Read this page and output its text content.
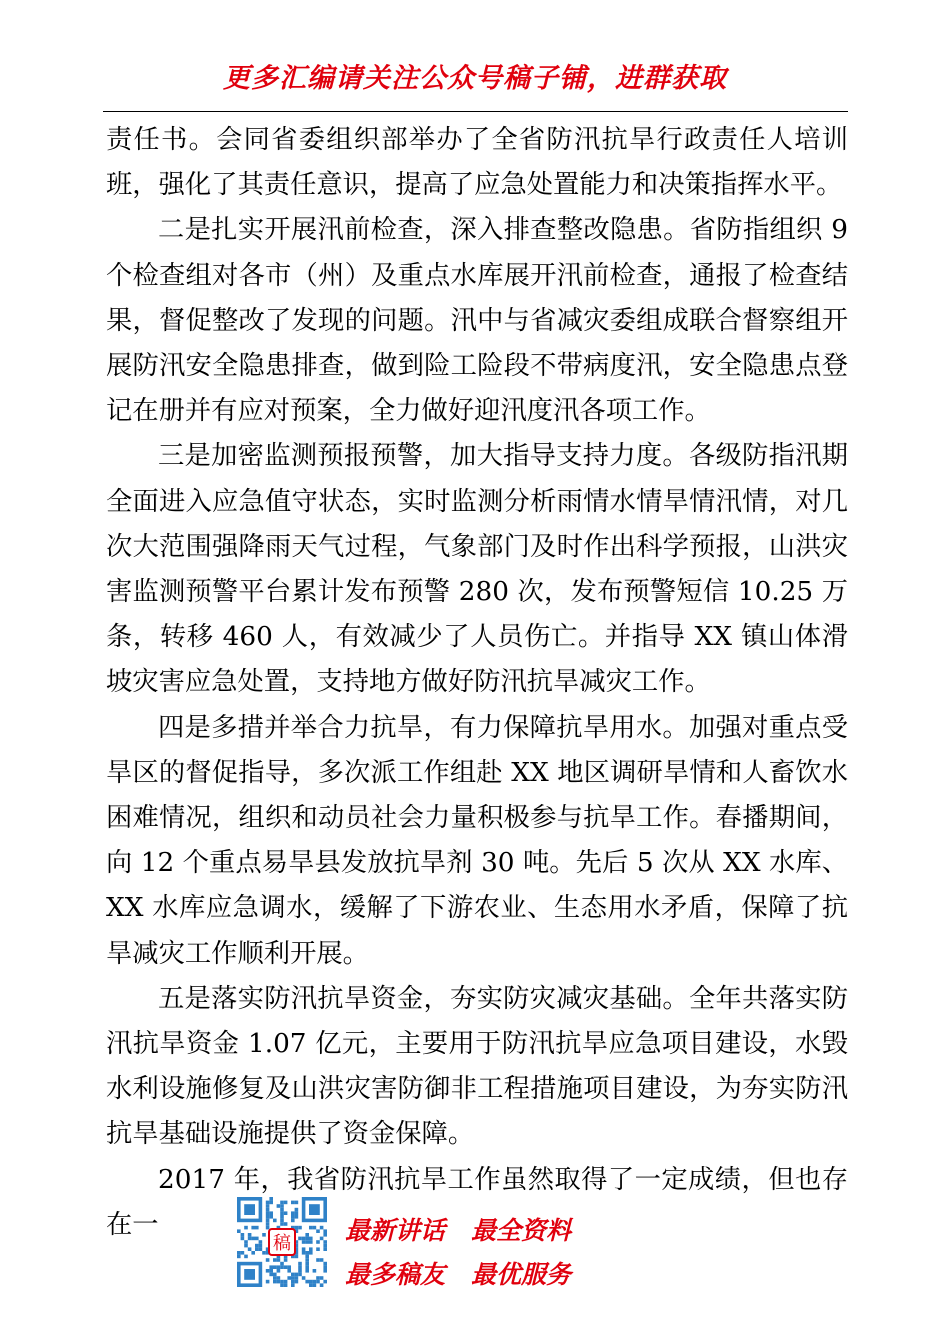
更多汇编请关注公众号稿子铺，进群获取

责任书。会同省委组织部举办了全省防汛抗旱行政责任人培训班，强化了其责任意识，提高了应急处置能力和决策指挥水平。

二是扎实开展汛前检查，深入排查整改隐患。省防指组织 9 个检查组对各市（州）及重点水库展开汛前检查，通报了检查结果，督促整改了发现的问题。汛中与省减灾委组成联合督察组开展防汛安全隐患排查，做到险工险段不带病度汛，安全隐患点登记在册并有应对预案，全力做好迎汛度汛各项工作。

三是加密监测预报预警，加大指导支持力度。各级防指汛期全面进入应急值守状态，实时监测分析雨情水情旱情汛情，对几次大范围强降雨天气过程，气象部门及时作出科学预报，山洪灾害监测预警平台累计发布预警 280 次，发布预警短信 10.25 万条，转移 460 人，有效减少了人员伤亡。并指导 XX 镇山体滑坡灾害应急处置，支持地方做好防汛抗旱减灾工作。

四是多措并举合力抗旱，有力保障抗旱用水。加强对重点受旱区的督促指导，多次派工作组赴 XX 地区调研旱情和人畜饮水困难情况，组织和动员社会力量积极参与抗旱工作。春播期间，向 12 个重点易旱县发放抗旱剂 30 吨。先后 5 次从 XX 水库、XX 水库应急调水，缓解了下游农业、生态用水矛盾，保障了抗旱减灾工作顺利开展。

五是落实防汛抗旱资金，夯实防灾减灾基础。全年共落实防汛抗旱资金 1.07 亿元，主要用于防汛抗旱应急项目建设，水毁水利设施修复及山洪灾害防御非工程措施项目建设，为夯实防汛抗旱基础设施提供了资金保障。

2017 年，我省防汛抗旱工作虽然取得了一定成绩，但也存在一

稿 最新讲话 最全资料
最多稿友 最优服务
